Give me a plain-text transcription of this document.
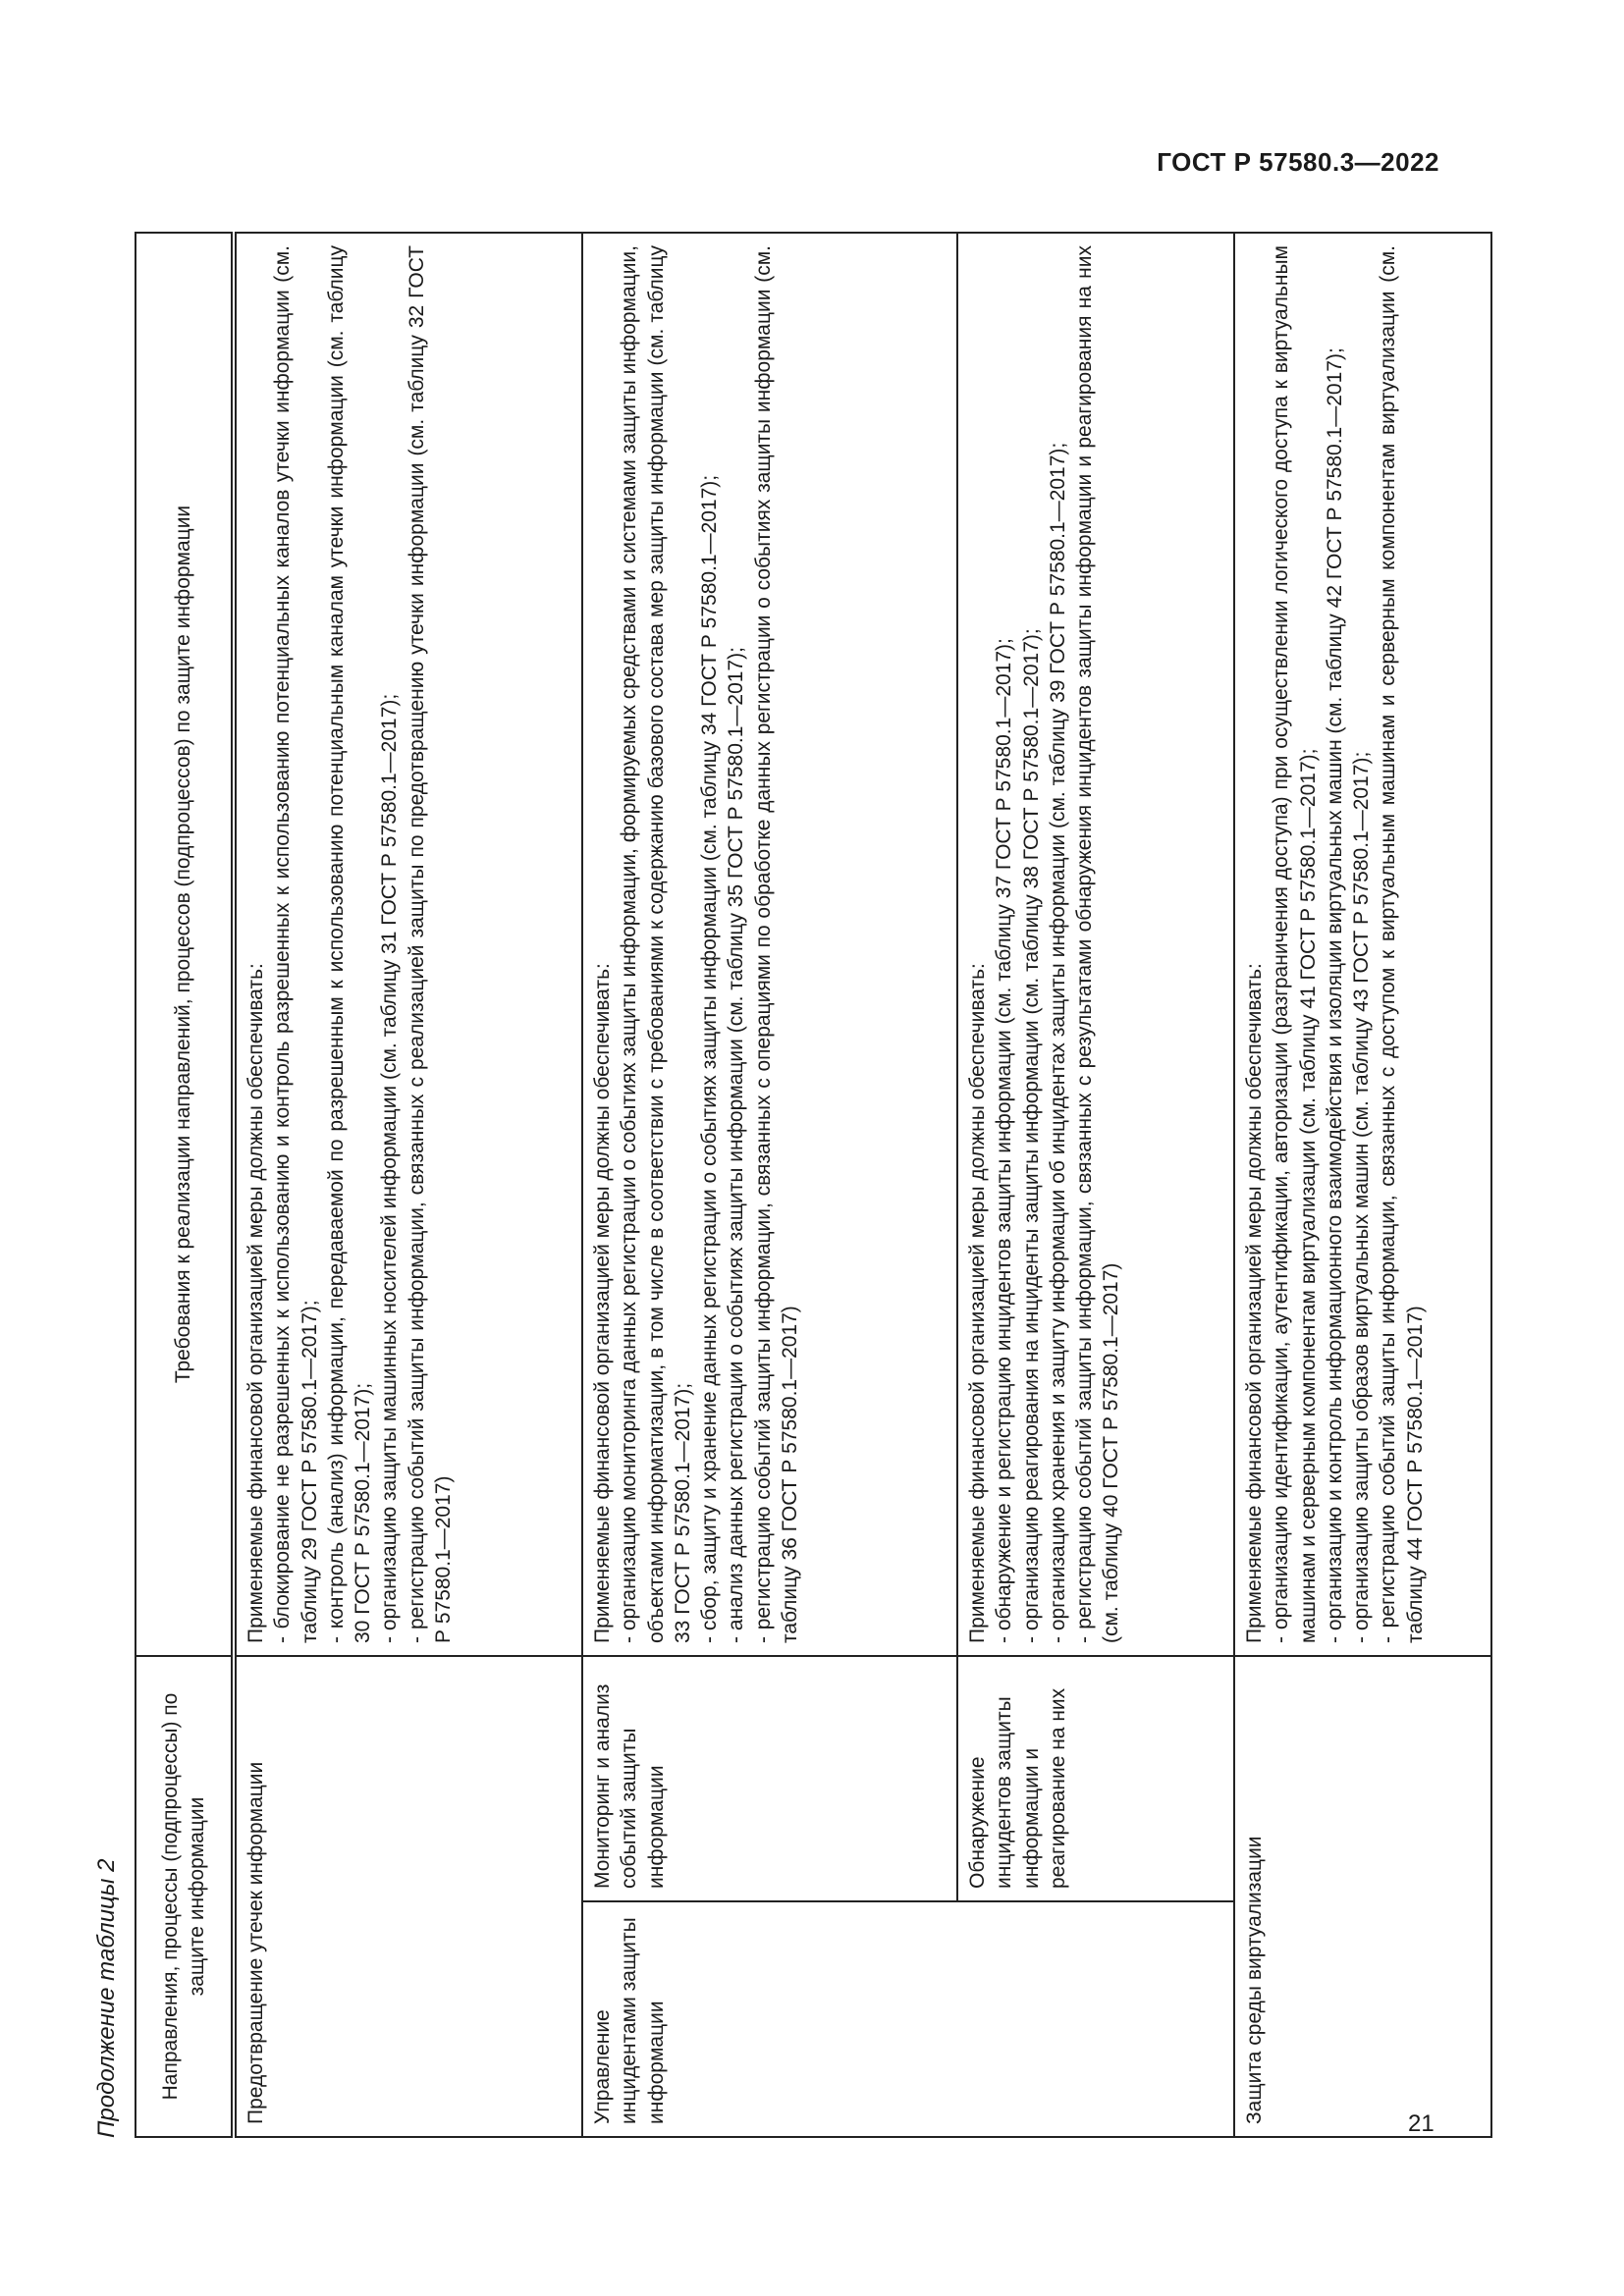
ГОСТ Р 57580.3—2022
Продолжение таблицы 2 Направления, процессы (подпроцессы) по защите информации		Требования к реализации направлений, процессов (подпроцессов) по защите информации
Предотвращение утечек информации		Применяемые финансовой организацией меры должны обеспечивать: - блокирование не разрешенных к использованию и контроль разрешенных к использованию потенциальных каналов утечки информации (см. таблицу 29 ГОСТ Р 57580.1—2017); - контроль (анализ) информации, передаваемой по разрешенным к использованию потенциальным каналам утечки информации (см. таблицу 30 ГОСТ Р 57580.1—2017); - организацию защиты машинных носителей информации (см. таблицу 31 ГОСТ Р 57580.1—2017); - регистрацию событий защиты информации, связанных с реализацией защиты по предотвращению утечки информации (см. таблицу 32 ГОСТ Р 57580.1—2017)

Управление инцидентами защиты информации	Мониторинг и анализ событий защиты информации	Применяемые финансовой организацией меры должны обеспечивать: - организацию мониторинга данных регистрации о событиях защиты информации, формируемых средствами и системами защиты информации, объектами информатизации, в том числе в соответствии с требованиями к содержанию базового состава мер защиты информации (см. таблицу 33 ГОСТ Р 57580.1—2017); - сбор, защиту и хранение данных регистрации о событиях защиты информации (см. таблицу 34 ГОСТ Р 57580.1—2017); - анализ данных регистрации о событиях защиты информации (см. таблицу 35 ГОСТ Р 57580.1—2017); - регистрацию событий защиты информации, связанных с операциями по обработке данных регистрации о событиях защиты информации (см. таблицу 36 ГОСТ Р 57580.1—2017)

	Обнаружение инцидентов защиты информации и реагирование на них	Применяемые финансовой организацией меры должны обеспечивать: - обнаружение и регистрацию инцидентов защиты информации (см. таблицу 37 ГОСТ Р 57580.1—2017); - организацию реагирования на инциденты защиты информации (см. таблицу 38 ГОСТ Р 57580.1—2017); - организацию хранения и защиту информации об инцидентах защиты информации (см. таблицу 39 ГОСТ Р 57580.1—2017); - регистрацию событий защиты информации, связанных с результатами обнаружения инцидентов защиты информации и реагирования на них (см. таблицу 40 ГОСТ Р 57580.1—2017)

Защита среды виртуализации		Применяемые финансовой организацией меры должны обеспечивать: - организацию идентификации, аутентификации, авторизации (разграничения доступа) при осуществлении логического доступа к виртуальным машинам и серверным компонентам виртуализации (см. таблицу 41 ГОСТ Р 57580.1—2017); - организацию и контроль информационного взаимодействия и изоляции виртуальных машин (см. таблицу 42 ГОСТ Р 57580.1—2017); - организацию защиты образов виртуальных машин (см. таблицу 43 ГОСТ Р 57580.1—2017); - регистрацию событий защиты информации, связанных с доступом к виртуальным машинам и серверным компонентам виртуализации (см. таблицу 44 ГОСТ Р 57580.1—2017)
21
